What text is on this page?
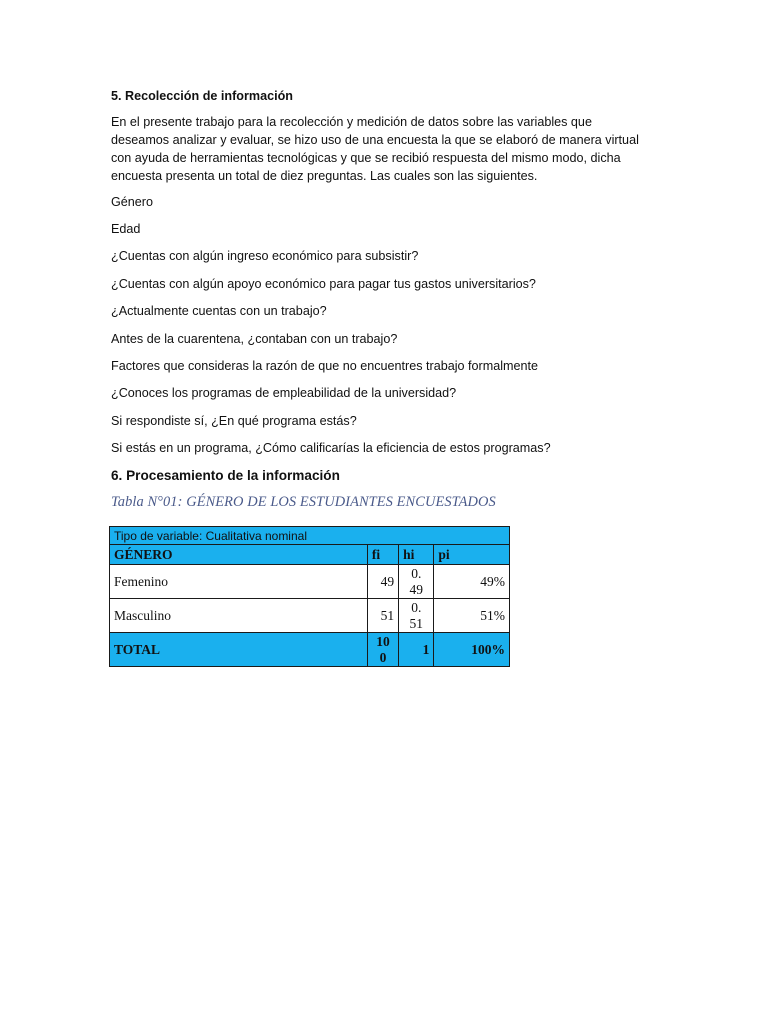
5. Recolección de información
En el presente trabajo para la recolección y medición de datos sobre las variables que
deseamos analizar y evaluar, se hizo uso de una encuesta la que se elaboró de manera virtual
con ayuda de herramientas tecnológicas y que se recibió respuesta del mismo modo, dicha
encuesta presenta un total de diez preguntas. Las cuales son las siguientes.
Género
Edad
¿Cuentas con algún ingreso económico para subsistir?
¿Cuentas con algún apoyo económico para pagar tus gastos universitarios?
¿Actualmente cuentas con un trabajo?
Antes de la cuarentena, ¿contaban con un trabajo?
Factores que consideras la razón de que no encuentres trabajo formalmente
¿Conoces los programas de empleabilidad de la universidad?
Si respondiste sí, ¿En qué programa estás?
Si estás en un programa, ¿Cómo calificarías la eficiencia de estos programas?
6. Procesamiento de la información
Tabla N°01: GÉNERO DE LOS ESTUDIANTES ENCUESTADOS
Tipo de variable: Cualitativa nominal			
GÉNERO	fi	hi	pi
Femenino	49	0.49	49%
Masculino	51	0.51	51%
TOTAL	100	1	100%
